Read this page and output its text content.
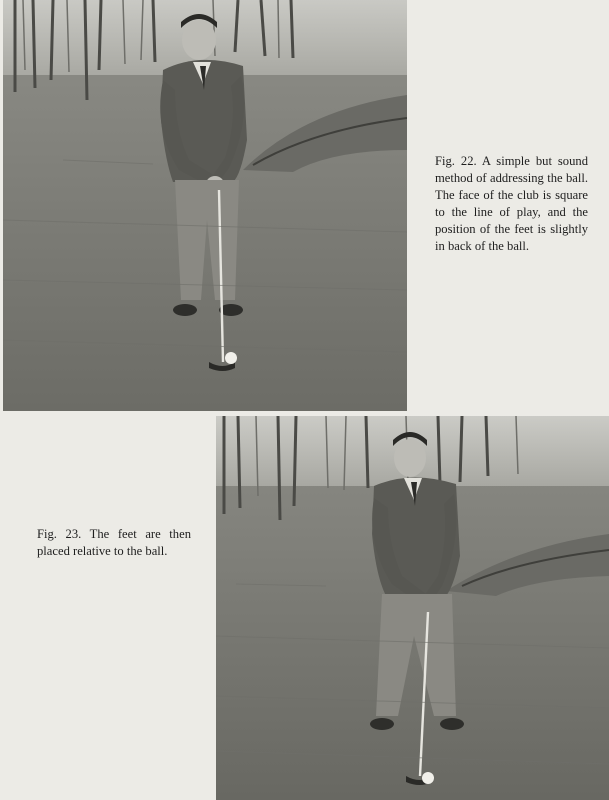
Fig. 22. A simple but sound method of addressing the ball. The face of the club is square to the line of play, and the position of the feet is slightly in back of the ball.
Fig. 23. The feet are then placed relative to the ball.
